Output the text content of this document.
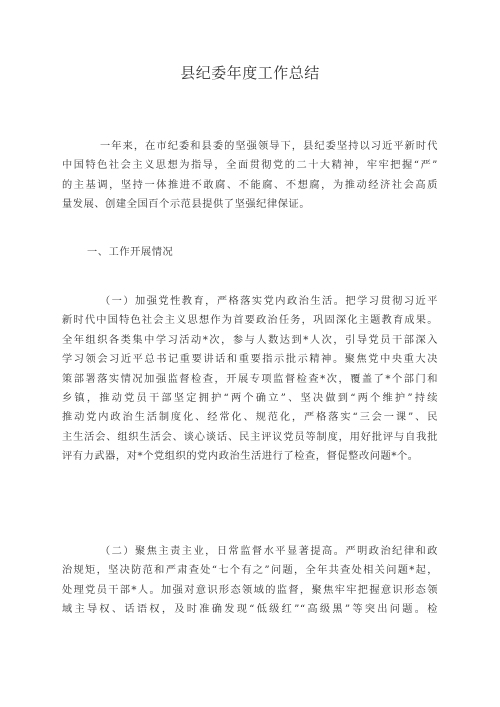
县纪委年度工作总结
一年来，在市纪委和县委的坚强领导下，县纪委坚持以习近平新时代
中国特色社会主义思想为指导，全面贯彻党的二十大精神，牢牢把握“严”
的主基调，坚持一体推进不敢腐、不能腐、不想腐，为推动经济社会高质
量发展、创建全国百个示范县提供了坚强纪律保证。
一、工作开展情况
（一）加强党性教育，严格落实党内政治生活。把学习贯彻习近平
新时代中国特色社会主义思想作为首要政治任务，巩固深化主题教育成果。
全年组织各类集中学习活动*次，参与人数达到*人次，引导党员干部深入
学习领会习近平总书记重要讲话和重要指示批示精神。聚焦党中央重大决
策部署落实情况加强监督检查，开展专项监督检查*次，覆盖了*个部门和
乡镇，推动党员干部坚定拥护“两个确立”、坚决做到“两个维护”持续
推动党内政治生活制度化、经常化、规范化，严格落实“三会一课”、民
主生活会、组织生活会、谈心谈话、民主评议党员等制度，用好批评与自我批
评有力武器，对*个党组织的党内政治生活进行了检查，督促整改问题*个。
（二）聚焦主责主业，日常监督水平显著提高。严明政治纪律和政
治规矩，坚决防范和严肃查处“七个有之”问题，全年共查处相关问题*起，
处理党员干部*人。加强对意识形态领域的监督，聚焦牢牢把握意识形态领
域主导权、话语权，及时准确发现“低级红”“高级黑”等突出问题。检
